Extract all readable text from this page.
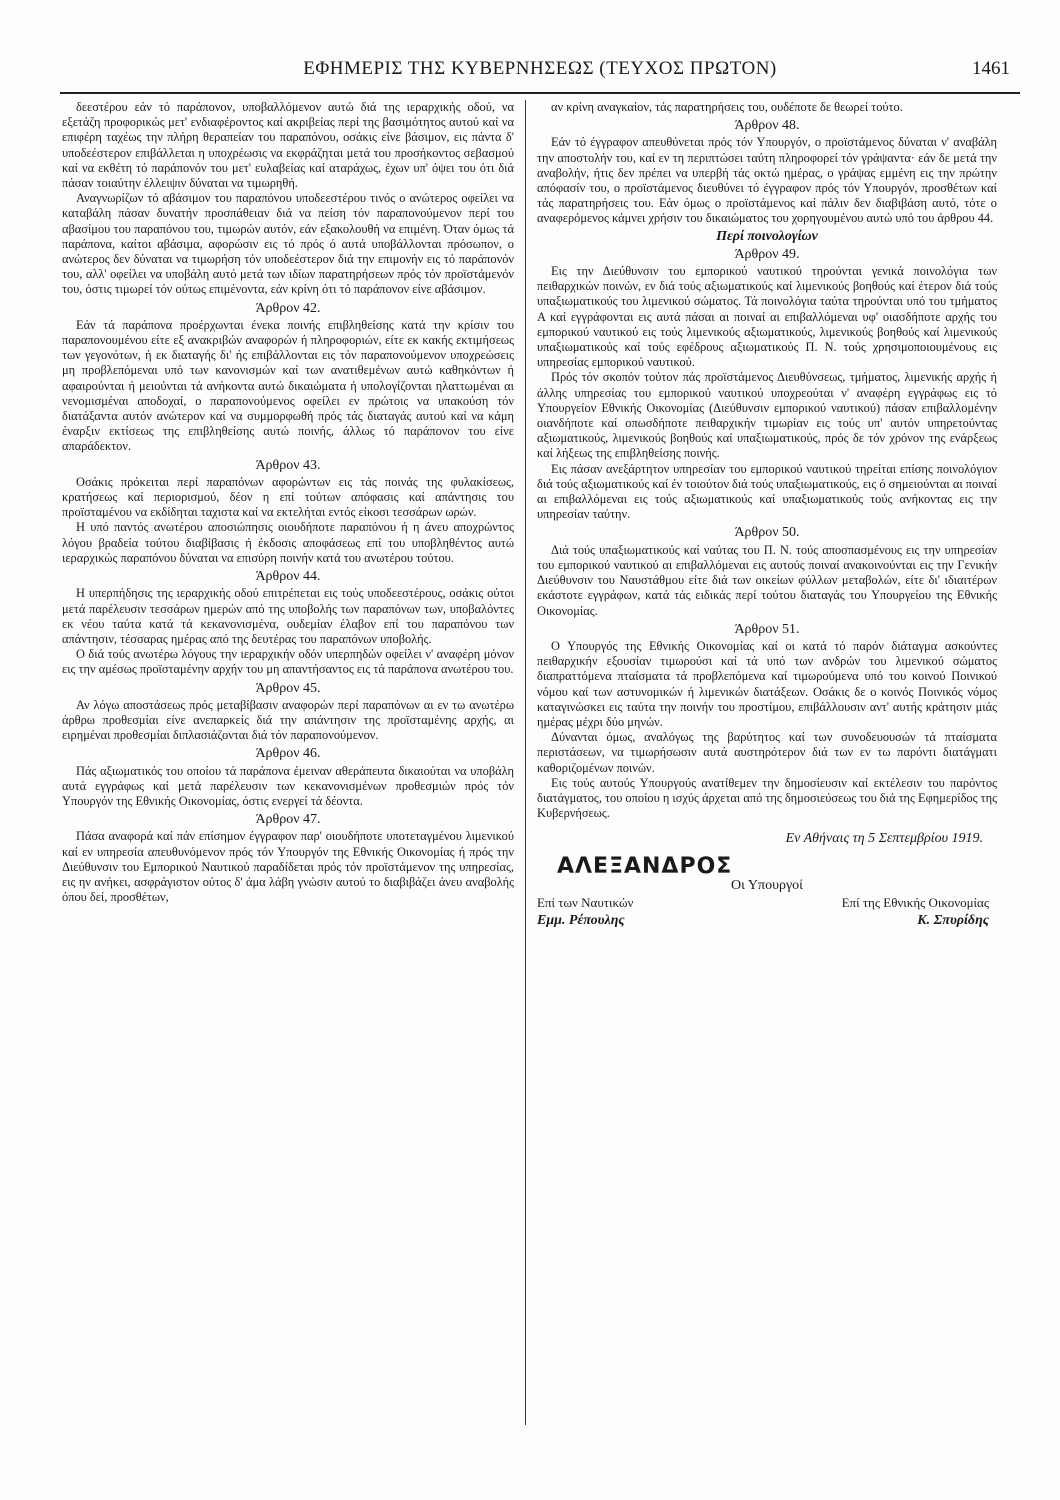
ΕΦΗΜΕΡΙΣ ΤΗΣ ΚΥΒΕΡΝΗΣΕΩΣ (ΤΕΥΧΟΣ ΠΡΩΤΟΝ)	1461

δεεστέρου εάν τό παράπονον, υποβαλλόμενον αυτώ διά της ιεραρχικής οδού, να εξετάζη προφορικώς μετ' ενδιαφέροντος καί ακριβείας περί της βασιμότητος αυτού καί να επιφέρη ταχέως την πλήρη θεραπείαν του παραπόνου, οσάκις είνε βάσιμον, εις πάντα δ' υποδεέστερον επιβάλλεται η υποχρέωσις να εκφράζηται μετά του προσήκοντος σεβασμού καί να εκθέτη τό παράπονόν του μετ' ευλαβείας καί αταράχως, έχων υπ' όψει του ότι διά πάσαν τοιαύτην έλλειψιν δύναται να τιμωρηθή.

Αναγνωρίζων τό αβάσιμον του παραπόνου υποδεεστέρου τινός ο ανώτερος οφείλει να καταβάλη πάσαν δυνατήν προσπάθειαν διά να πείση τόν παραπονούμενον περί του αβασίμου του παραπόνου του, τιμωρών αυτόν, εάν εξακολουθή να επιμένη. Όταν όμως τά παράπονα, καίτοι αβάσιμα, αφορώσιν εις τό πρός ό αυτά υποβάλλονται πρόσωπον, ο ανώτερος δεν δύναται να τιμωρήση τόν υποδεέστερον διά την επιμονήν εις τό παράπονόν του, αλλ' οφείλει να υποβάλη αυτό μετά των ιδίων παρατηρήσεων πρός τόν προϊστάμενόν του, όστις τιμωρεί τόν ούτως επιμένοντα, εάν κρίνη ότι τό παράπονον είνε αβάσιμον.

Άρθρον 42.

Εάν τά παράπονα προέρχωνται ένεκα ποινής επιβληθείσης κατά την κρίσιν του παραπονουμένου είτε εξ ανακριβών αναφορών ή πληροφοριών, είτε εκ κακής εκτιμήσεως των γεγονότων, ή εκ διαταγής δι' ής επιβάλλονται εις τόν παραπονούμενον υποχρεώσεις μη προβλεπόμεναι υπό των κανονισμών καί των ανατιθεμένων αυτώ καθηκόντων ή αφαιρούνται ή μειούνται τά ανήκοντα αυτώ δικαιώματα ή υπολογίζονται ηλαττωμέναι αι νενομισμέναι αποδοχαί, ο παραπονούμενος οφείλει εν πρώτοις να υπακούση τόν διατάξαντα αυτόν ανώτερον καί να συμμορφωθή πρός τάς διαταγάς αυτού καί να κάμη έναρξιν εκτίσεως της επιβληθείσης αυτώ ποινής, άλλως τό παράπονον του είνε απαράδεκτον.

Άρθρον 43.

Οσάκις πρόκειται περί παραπόνων αφορώντων εις τάς ποινάς της φυλακίσεως, κρατήσεως καί περιορισμού, δέον η επί τούτων απόφασις καί απάντησις του προϊσταμένου να εκδίδηται ταχιστα καί να εκτελήται εντός είκοσι τεσσάρων ωρών.

Η υπό παντός ανωτέρου αποσιώπησις οιουδήποτε παραπόνου ή η άνευ αποχρώντος λόγου βραδεία τούτου διαβίβασις ή έκδοσις αποφάσεως επί του υποβληθέντος αυτώ ιεραρχικώς παραπόνου δύναται να επισύρη ποινήν κατά του ανωτέρου τούτου.

Άρθρον 44.

Η υπερπήδησις της ιεραρχικής οδού επιτρέπεται εις τούς υποδεεστέρους, οσάκις ούτοι μετά παρέλευσιν τεσσάρων ημερών από της υποβολής των παραπόνων των, υποβαλόντες εκ νέου ταύτα κατά τά κεκανονισμένα, ουδεμίαν έλαβον επί του παραπόνου των απάντησιν, τέσσαρας ημέρας από της δευτέρας του παραπόνων υποβολής.

Ο διά τούς ανωτέρω λόγους την ιεραρχικήν οδόν υπερπηδών οφείλει ν' αναφέρη μόνον εις την αμέσως προϊσταμένην αρχήν του μη απαντήσαντος εις τά παράπονα ανωτέρου του.

Άρθρον 45.

Αν λόγω αποστάσεως πρός μεταβίβασιν αναφορών περί παραπόνων αι εν τω ανωτέρω άρθρω προθεσμίαι είνε ανεπαρκείς διά την απάντησιν της προϊσταμένης αρχής, αι ειρημέναι προθεσμίαι διπλασιάζονται διά τόν παραπονούμενον.

Άρθρον 46.

Πάς αξιωματικός του οποίου τά παράπονα έμειναν αθεράπευτα δικαιούται να υποβάλη αυτά εγγράφως καί μετά παρέλευσιν των κεκανονισμένων προθεσμιών πρός τόν Υπουργόν της Εθνικής Οικονομίας, όστις ενεργεί τά δέοντα.

Άρθρον 47.

Πάσα αναφορά καί πάν επίσημον έγγραφον παρ' οιουδήποτε υποτεταγμένου λιμενικού καί εν υπηρεσία απευθυνόμενον πρός τόν Υπουργόν της Εθνικής Οικονομίας ή πρός την Διεύθυνσιν του Εμπορικού Ναυτικού παραδίδεται πρός τόν προϊστάμενον της υπηρεσίας, εις ην ανήκει, ασφράγιστον ούτος δ' άμα λάβη γνώσιν αυτού το διαβιβάζει άνευ αναβολής όπου δεί, προσθέτων,

αν κρίνη αναγκαίον, τάς παρατηρήσεις του, ουδέποτε δε θεωρεί τούτο.

Άρθρον 48.

Εάν τό έγγραφον απευθύνεται πρός τόν Υπουργόν, ο προϊστάμενος δύναται ν' αναβάλη την αποστολήν του, καί εν τη περιπτώσει ταύτη πληροφορεί τόν γράψαντα· εάν δε μετά την αναβολήν, ήτις δεν πρέπει να υπερβή τάς οκτώ ημέρας, ο γράψας εμμένη εις την πρώτην απόφασίν του, ο προϊστάμενος διευθύνει τό έγγραφον πρός τόν Υπουργόν, προσθέτων καί τάς παρατηρήσεις του. Εάν όμως ο προϊστάμενος καί πάλιν δεν διαβιβάση αυτό, τότε ο αναφερόμενος κάμνει χρήσιν του δικαιώματος του χορηγουμένου αυτώ υπό του άρθρου 44.

Περί ποινολογίων
Άρθρον 49.

Εις την Διεύθυνσιν του εμπορικού ναυτικού τηρούνται γενικά ποινολόγια των πειθαρχικών ποινών, εν διά τούς αξιωματικούς καί λιμενικούς βοηθούς καί έτερον διά τούς υπαξιωματικούς του λιμενικού σώματος. Τά ποινολόγια ταύτα τηρούνται υπό του τμήματος Α καί εγγράφονται εις αυτά πάσαι αι ποιναί αι επιβαλλόμεναι υφ' οιασδήποτε αρχής του εμπορικού ναυτικού εις τούς λιμενικούς αξιωματικούς, λιμενικούς βοηθούς καί λιμενικούς υπαξιωματικούς καί τούς εφέδρους αξιωματικούς Π. Ν. τούς χρησιμοποιουμένους εις υπηρεσίας εμπορικού ναυτικού.

Πρός τόν σκοπόν τούτον πάς προϊστάμενος Διευθύνσεως, τμήματος, λιμενικής αρχής ή άλλης υπηρεσίας του εμπορικού ναυτικού υποχρεούται ν' αναφέρη εγγράφως εις τό Υπουργείον Εθνικής Οικονομίας (Διεύθυνσιν εμπορικού ναυτικού) πάσαν επιβαλλομένην οιανδήποτε καί οπωσδήποτε πειθαρχικήν τιμωρίαν εις τούς υπ' αυτόν υπηρετούντας αξιωματικούς, λιμενικούς βοηθούς καί υπαξιωματικούς, πρός δε τόν χρόνον της ενάρξεως καί λήξεως της επιβληθείσης ποινής.

Εις πάσαν ανεξάρτητον υπηρεσίαν του εμπορικού ναυτικού τηρείται επίσης ποινολόγιον διά τούς αξιωματικούς καί έν τοιούτον διά τούς υπαξιωματικούς, εις ό σημειούνται αι ποιναί αι επιβαλλόμεναι εις τούς αξιωματικούς καί υπαξιωματικούς τούς ανήκοντας εις την υπηρεσίαν ταύτην.

Άρθρον 50.

Διά τούς υπαξιωματικούς καί ναύτας του Π. Ν. τούς αποσπασμένους εις την υπηρεσίαν του εμπορικού ναυτικού αι επιβαλλόμεναι εις αυτούς ποιναί ανακοινούνται εις την Γενικήν Διεύθυνσιν του Ναυστάθμου είτε διά των οικείων φύλλων μεταβολών, είτε δι' ιδιαιτέρων εκάστοτε εγγράφων, κατά τάς ειδικάς περί τούτου διαταγάς του Υπουργείου της Εθνικής Οικονομίας.

Άρθρον 51.

Ο Υπουργός της Εθνικής Οικονομίας καί οι κατά τό παρόν διάταγμα ασκούντες πειθαρχικήν εξουσίαν τιμωρούσι καί τά υπό των ανδρών του λιμενικού σώματος διαπραττόμενα πταίσματα τά προβλεπόμενα καί τιμωρούμενα υπό του κοινού Ποινικού νόμου καί των αστυνομικών ή λιμενικών διατάξεων. Οσάκις δε ο κοινός Ποινικός νόμος καταγινώσκει εις ταύτα την ποινήν του προστίμου, επιβάλλουσιν αντ' αυτής κράτησιν μιάς ημέρας μέχρι δύο μηνών.

Δύνανται όμως, αναλόγως της βαρύτητος καί των συνοδευουσών τά πταίσματα περιστάσεων, να τιμωρήσωσιν αυτά αυστηρότερον διά των εν τω παρόντι διατάγματι καθοριζομένων ποινών.

Εις τούς αυτούς Υπουργούς ανατίθεμεν την δημοσίευσιν καί εκτέλεσιν του παρόντος διατάγματος, του οποίου η ισχύς άρχεται από της δημοσιεύσεως του διά της Εφημερίδος της Κυβερνήσεως.

Εν Αθήναις τη 5 Σεπτεμβρίου 1919.
ΑΛΕΞΑΝΔΡΟΣ
Οι Υπουργοί
Επί των Ναυτικών	Επί της Εθνικής Οικονομίας
Εμμ. Ρέπουλης	Κ. Σπυρίδης
